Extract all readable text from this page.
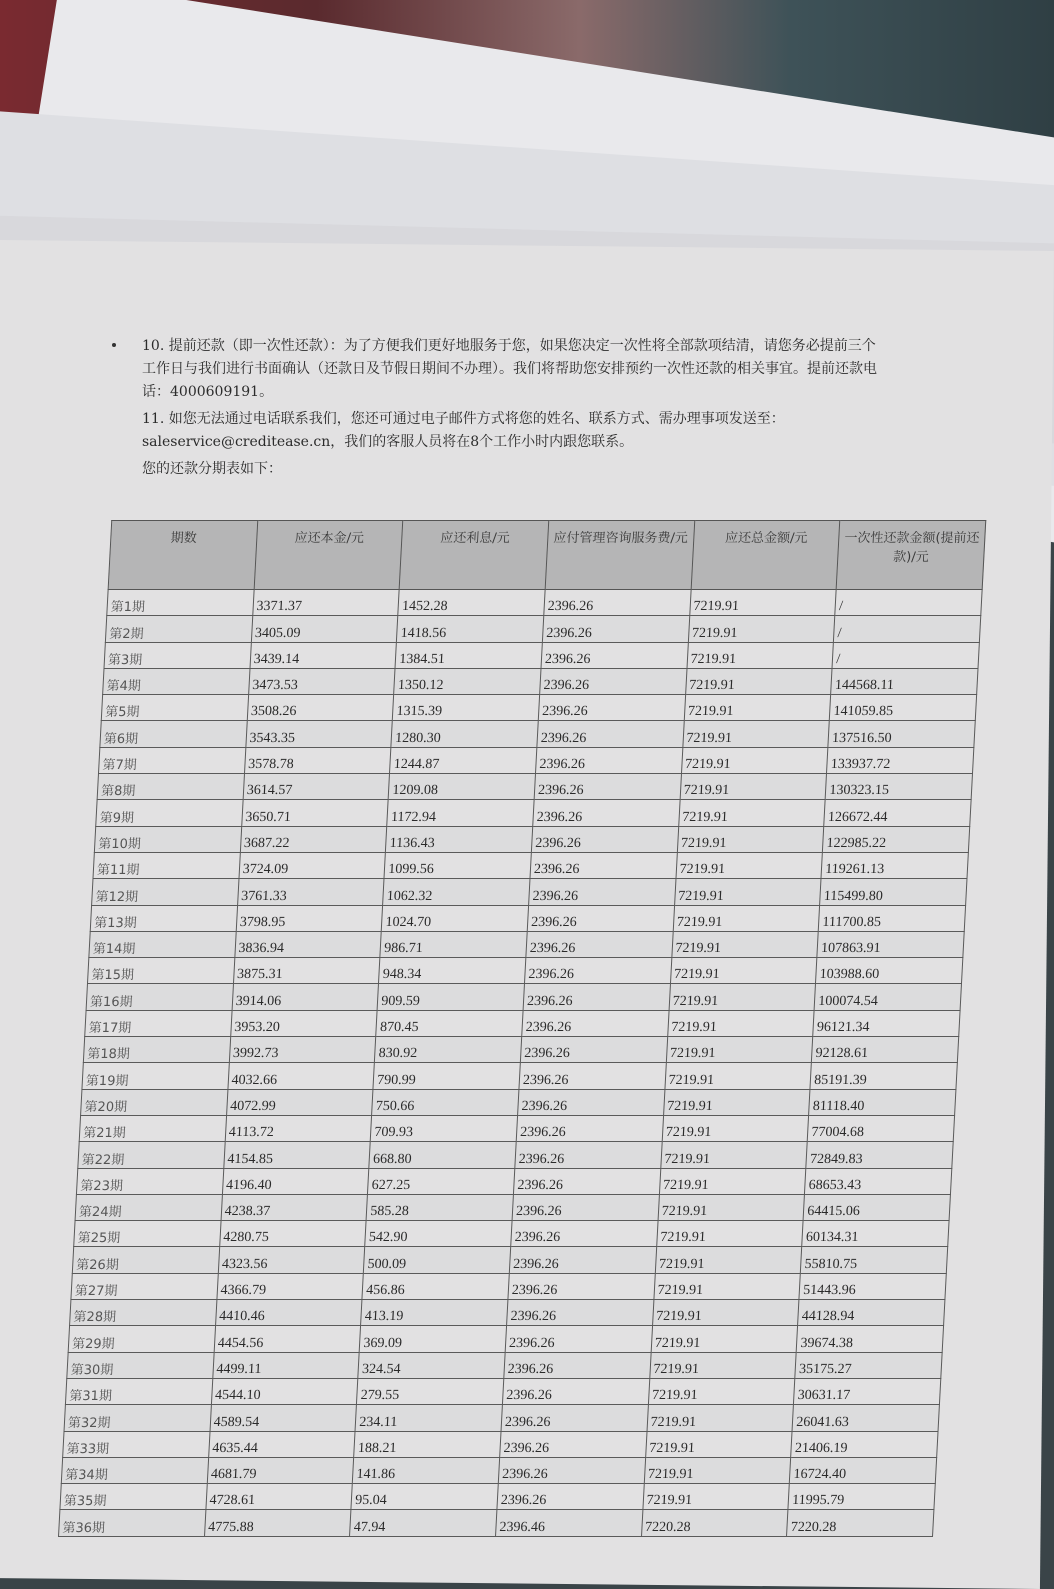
10. 提前还款（即一次性还款）：为了方便我们更好地服务于您，如果您决定一次性将全部款项结清，请您务必提前三个工作日与我们进行书面确认（还款日及节假日期间不办理）。我们将帮助您安排预约一次性还款的相关事宜。提前还款电话：4000609191。

11. 如您无法通过电话联系我们，您还可通过电子邮件方式将您的姓名、联系方式、需办理事项发送至：saleservice@creditease.cn，我们的客服人员将在8个工作小时内跟您联系。

您的还款分期表如下：

期数	应还本金/元	应还利息/元	应付管理咨询服务费/元	应还总金额/元	一次性还款金额(提前还款)/元
第1期	3371.37	1452.28	2396.26	7219.91	/
第2期	3405.09	1418.56	2396.26	7219.91	/
第3期	3439.14	1384.51	2396.26	7219.91	/
第4期	3473.53	1350.12	2396.26	7219.91	144568.11
第5期	3508.26	1315.39	2396.26	7219.91	141059.85
第6期	3543.35	1280.30	2396.26	7219.91	137516.50
第7期	3578.78	1244.87	2396.26	7219.91	133937.72
第8期	3614.57	1209.08	2396.26	7219.91	130323.15
第9期	3650.71	1172.94	2396.26	7219.91	126672.44
第10期	3687.22	1136.43	2396.26	7219.91	122985.22
第11期	3724.09	1099.56	2396.26	7219.91	119261.13
第12期	3761.33	1062.32	2396.26	7219.91	115499.80
第13期	3798.95	1024.70	2396.26	7219.91	111700.85
第14期	3836.94	986.71	2396.26	7219.91	107863.91
第15期	3875.31	948.34	2396.26	7219.91	103988.60
第16期	3914.06	909.59	2396.26	7219.91	100074.54
第17期	3953.20	870.45	2396.26	7219.91	96121.34
第18期	3992.73	830.92	2396.26	7219.91	92128.61
第19期	4032.66	790.99	2396.26	7219.91	85191.39
第20期	4072.99	750.66	2396.26	7219.91	81118.40
第21期	4113.72	709.93	2396.26	7219.91	77004.68
第22期	4154.85	668.80	2396.26	7219.91	72849.83
第23期	4196.40	627.25	2396.26	7219.91	68653.43
第24期	4238.37	585.28	2396.26	7219.91	64415.06
第25期	4280.75	542.90	2396.26	7219.91	60134.31
第26期	4323.56	500.09	2396.26	7219.91	55810.75
第27期	4366.79	456.86	2396.26	7219.91	51443.96
第28期	4410.46	413.19	2396.26	7219.91	44128.94
第29期	4454.56	369.09	2396.26	7219.91	39674.38
第30期	4499.11	324.54	2396.26	7219.91	35175.27
第31期	4544.10	279.55	2396.26	7219.91	30631.17
第32期	4589.54	234.11	2396.26	7219.91	26041.63
第33期	4635.44	188.21	2396.26	7219.91	21406.19
第34期	4681.79	141.86	2396.26	7219.91	16724.40
第35期	4728.61	95.04	2396.26	7219.91	11995.79
第36期	4775.88	47.94	2396.46	7220.28	7220.28
